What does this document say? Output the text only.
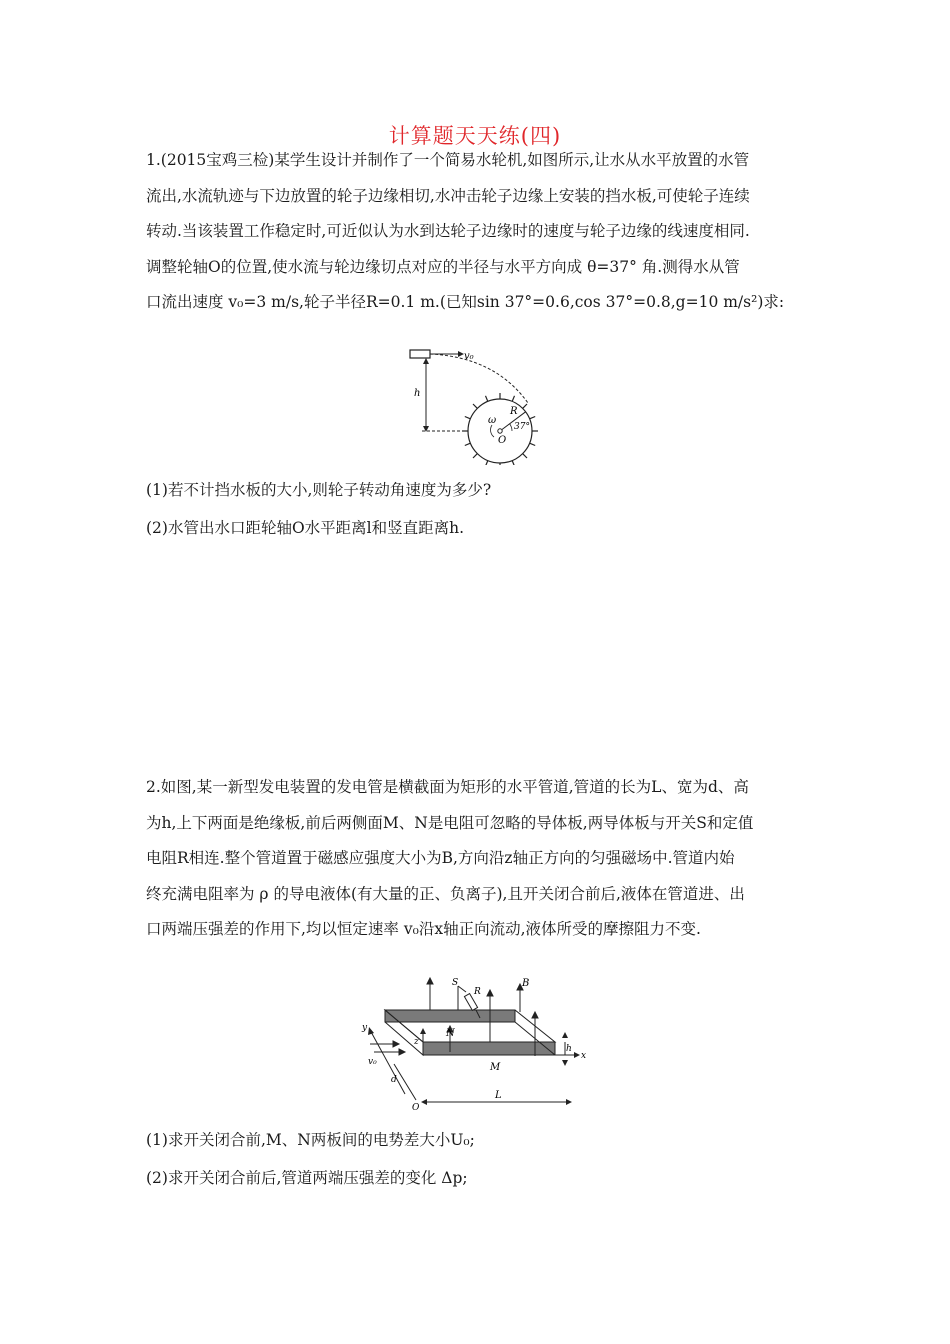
计算题天天练(四)
1.(2015宝鸡三检)某学生设计并制作了一个简易水轮机,如图所示,让水从水平放置的水管
流出,水流轨迹与下边放置的轮子边缘相切,水冲击轮子边缘上安装的挡水板,可使轮子连续
转动.当该装置工作稳定时,可近似认为水到达轮子边缘时的速度与轮子边缘的线速度相同.
调整轮轴O的位置,使水流与轮边缘切点对应的半径与水平方向成 θ=37° 角.测得水从管
口流出速度 v₀=3 m/s,轮子半径R=0.1 m.(已知sin 37°=0.6,cos 37°=0.8,g=10 m/s²)求:
v₀
h
R
37°
ω
O
(1)若不计挡水板的大小,则轮子转动角速度为多少?
(2)水管出水口距轮轴O水平距离l和竖直距离h.
2.如图,某一新型发电装置的发电管是横截面为矩形的水平管道,管道的长为L、宽为d、高
为h,上下两面是绝缘板,前后两侧面M、N是电阻可忽略的导体板,两导体板与开关S和定值
电阻R相连.整个管道置于磁感应强度大小为B,方向沿z轴正方向的匀强磁场中.管道内始
终充满电阻率为 ρ 的导电液体(有大量的正、负离子),且开关闭合前后,液体在管道进、出
口两端压强差的作用下,均以恒定速率 v₀沿x轴正向流动,液体所受的摩擦阻力不变.
B
S
R
N
y
z
x
h
M
v₀
d
L
O
(1)求开关闭合前,M、N两板间的电势差大小U₀;
(2)求开关闭合前后,管道两端压强差的变化 Δp;
